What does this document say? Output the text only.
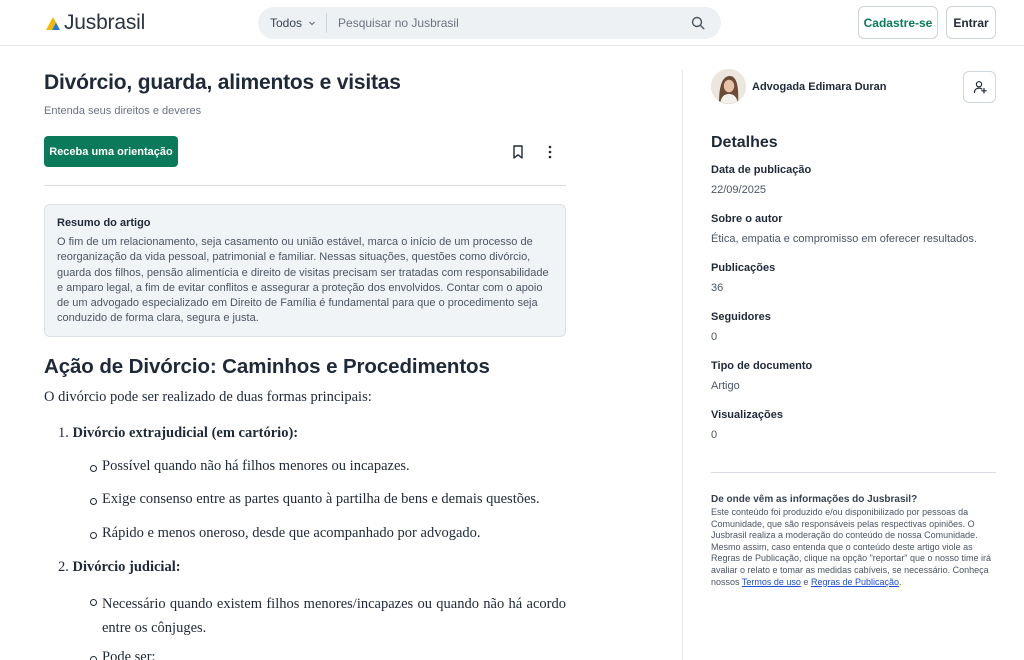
Jusbrasil	Todos
Pesquisar no Jusbrasil	Cadastre-se	Entrar
Divórcio, guarda, alimentos e visitas
Entenda seus direitos e deveres
Receba uma orientação
Resumo do artigo
O fim de um relacionamento, seja casamento ou união estável, marca o início de um processo de reorganização da vida pessoal, patrimonial e familiar. Nessas situações, questões como divórcio, guarda dos filhos, pensão alimentícia e direito de visitas precisam ser tratadas com responsabilidade e amparo legal, a fim de evitar conflitos e assegurar a proteção dos envolvidos. Contar com o apoio de um advogado especializado em Direito de Família é fundamental para que o procedimento seja conduzido de forma clara, segura e justa.
Ação de Divórcio: Caminhos e Procedimentos

O divórcio pode ser realizado de duas formas principais:

1. Divórcio extrajudicial (em cartório):
Possível quando não há filhos menores ou incapazes.
Exige consenso entre as partes quanto à partilha de bens e demais questões.
Rápido e menos oneroso, desde que acompanhado por advogado.
2. Divórcio judicial:
Necessário quando existem filhos menores/incapazes ou quando não há acordo entre os cônjuges.
Pode ser:
Advogada Edimara Duran
Detalhes
Data de publicação
22/09/2025
Sobre o autor
Ética, empatia e compromisso em oferecer resultados.
Publicações
36
Seguidores
0
Tipo de documento
Artigo
Visualizações
0
De onde vêm as informações do Jusbrasil?
Este conteúdo foi produzido e/ou disponibilizado por pessoas da Comunidade, que são responsáveis pelas respectivas opiniões. O Jusbrasil realiza a moderação do conteúdo de nossa Comunidade. Mesmo assim, caso entenda que o conteúdo deste artigo viole as Regras de Publicação, clique na opção "reportar" que o nosso time irá avaliar o relato e tomar as medidas cabíveis, se necessário. Conheça nossos Termos de uso e Regras de Publicação.
